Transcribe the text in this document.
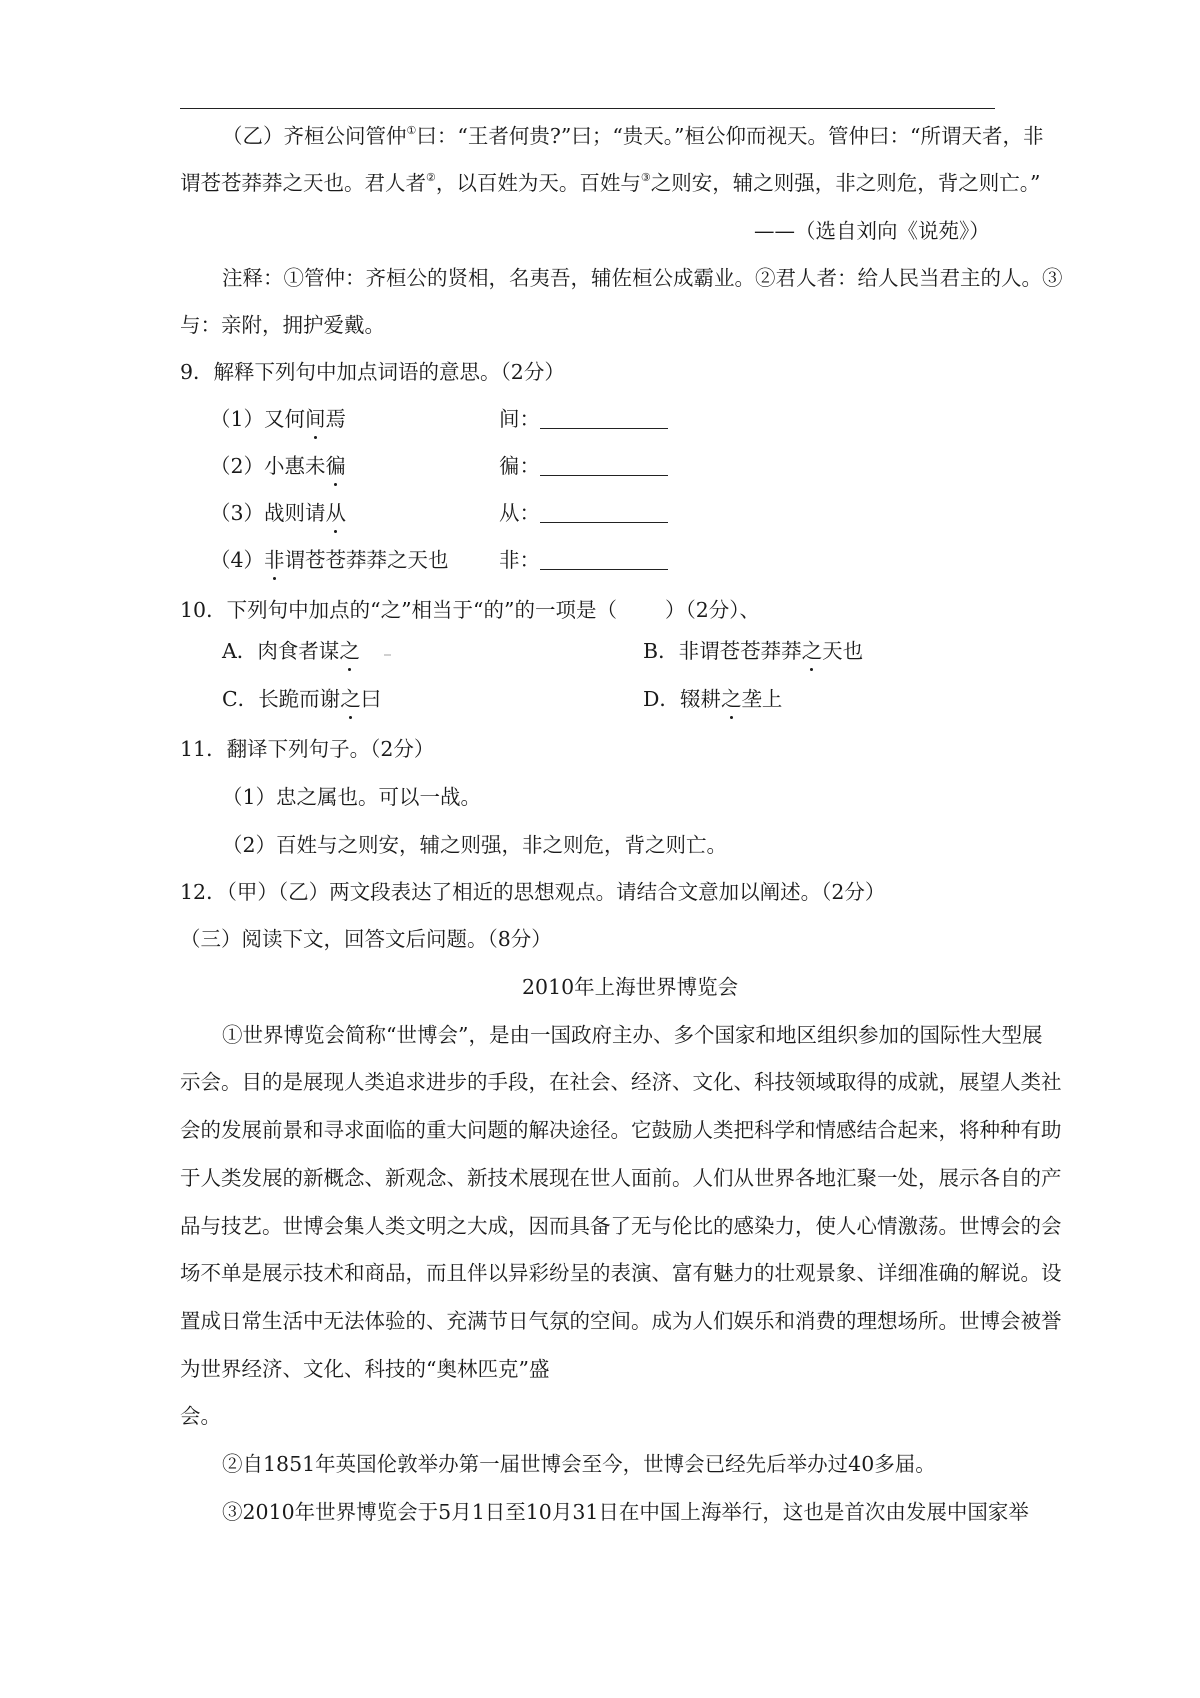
（乙）齐桓公问管仲①曰：“王者何贵?”曰；“贵天。”桓公仰而视天。管仲曰：“所谓天者，非
谓苍苍莽莽之天也。君人者②，以百姓为天。百姓与③之则安，辅之则强，非之则危，背之则亡。”
——（选自刘向《说苑》）
注释：①管仲：齐桓公的贤相，名夷吾，辅佐桓公成霸业。②君人者：给人民当君主的人。③
与：亲附，拥护爱戴。
9．解释下列句中加点词语的意思。（2分）
（1）又何间焉	间：
（2）小惠未徧	徧：
（3）战则请从	从：
（4）非谓苍苍莽莽之天也 非：
10．下列句中加点的“之”相当于“的”的一项是（ ）（2分）、
A．肉食者谋之	B．非谓苍苍莽莽之天也
C．长跪而谢之曰	D．辍耕之垄上
11．翻译下列句子。（2分）
（1）忠之属也。可以一战。
（2）百姓与之则安，辅之则强，非之则危，背之则亡。
12．（甲）（乙）两文段表达了相近的思想观点。请结合文意加以阐述。（2分）
（三）阅读下文，回答文后问题。（8分）
2010年上海世界博览会
①世界博览会简称“世博会”，是由一国政府主办、多个国家和地区组织参加的国际性大型展
示会。目的是展现人类追求进步的手段，在社会、经济、文化、科技领域取得的成就，展望人类社
会的发展前景和寻求面临的重大问题的解决途径。它鼓励人类把科学和情感结合起来，将种种有助
于人类发展的新概念、新观念、新技术展现在世人面前。人们从世界各地汇聚一处，展示各自的产
品与技艺。世博会集人类文明之大成，因而具备了无与伦比的感染力，使人心情激荡。世博会的会
场不单是展示技术和商品，而且伴以异彩纷呈的表演、富有魅力的壮观景象、详细准确的解说。设
置成日常生活中无法体验的、充满节日气氛的空间。成为人们娱乐和消费的理想场所。世博会被誉
为世界经济、文化、科技的“奥林匹克”盛
会。
②自1851年英国伦敦举办第一届世博会至今，世博会已经先后举办过40多届。
③2010年世界博览会于5月1日至10月31日在中国上海举行，这也是首次由发展中国家举
